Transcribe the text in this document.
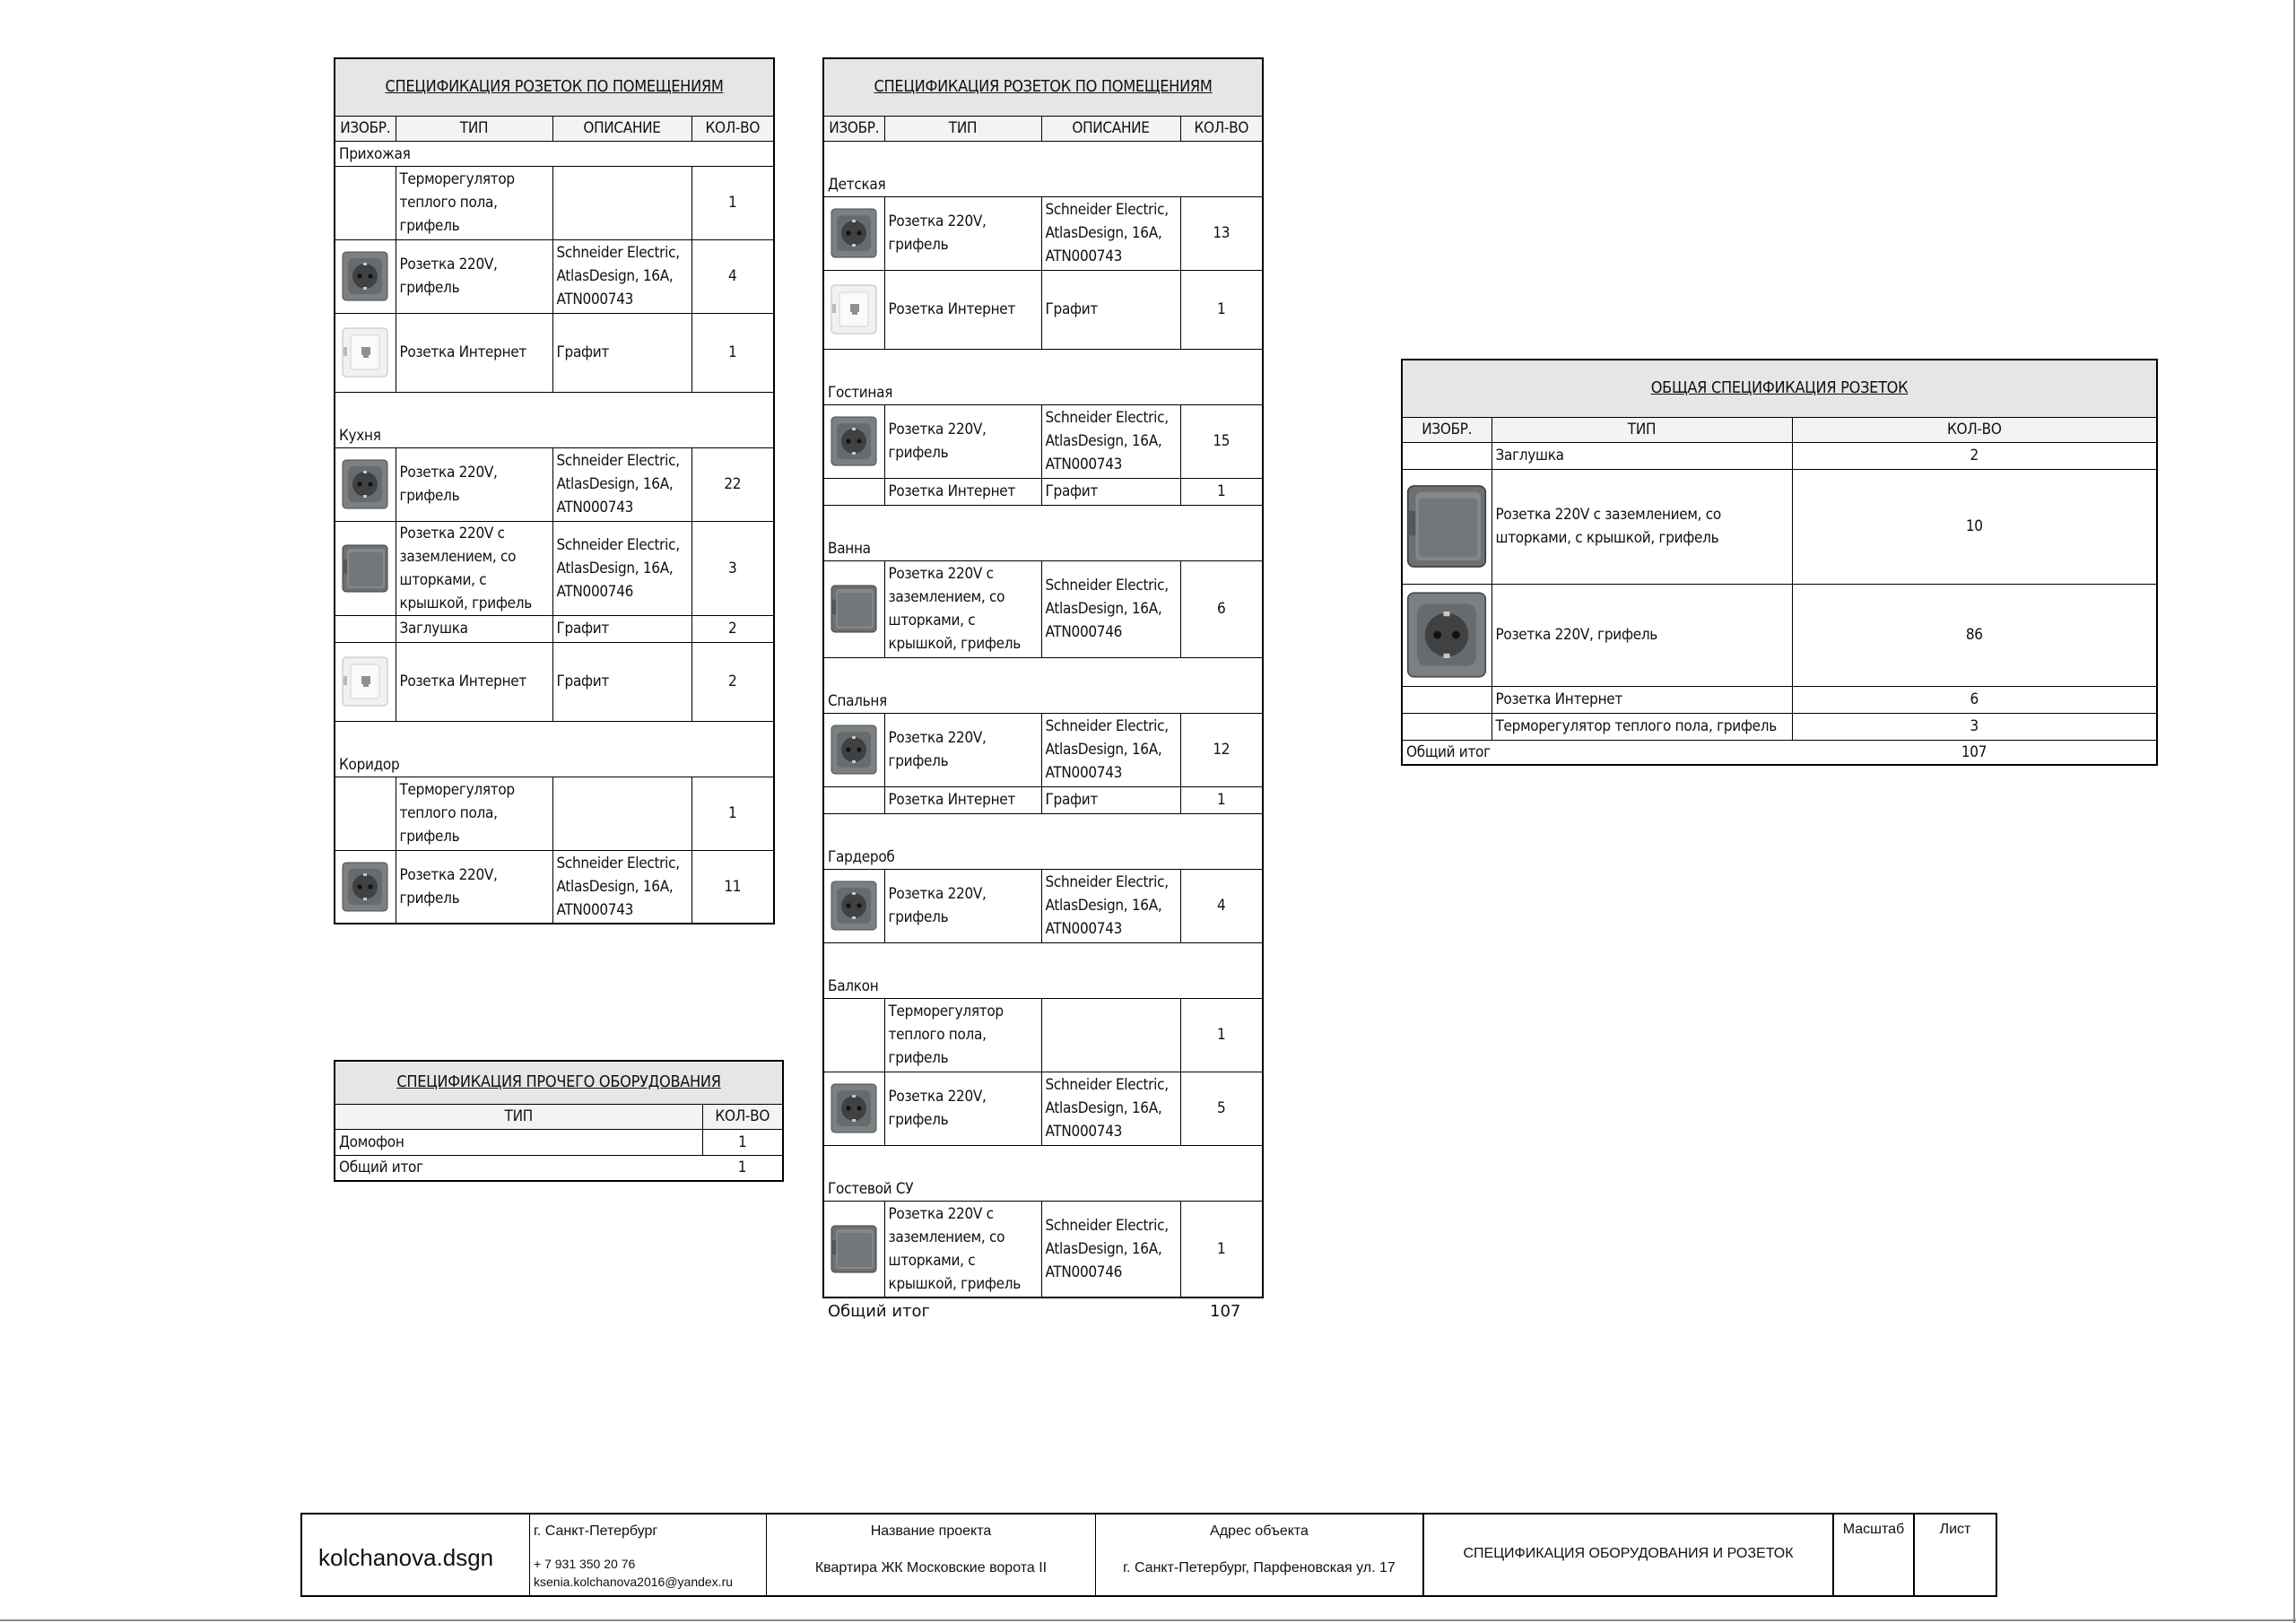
СПЕЦИФИКАЦИЯ РОЗЕТОК ПО ПОМЕЩЕНИЯМ			
ИЗОБР.	ТИП	ОПИСАНИЕ	КОЛ-ВО
Прихожая			
	Терморегулятор теплого пола, грифель		1
	Розетка 220V, грифель	Schneider Electric, AtlasDesign, 16A, ATN000743	4
	Розетка Интернет	Графит	1
Кухня			
	Розетка 220V, грифель	Schneider Electric, AtlasDesign, 16A, ATN000743	22
	Розетка 220V с заземлением, со шторками, с крышкой, грифель	Schneider Electric, AtlasDesign, 16A, ATN000746	3
	Заглушка	Графит	2
	Розетка Интернет	Графит	2
Коридор			
	Терморегулятор теплого пола, грифель		1
	Розетка 220V, грифель	Schneider Electric, AtlasDesign, 16A, ATN000743	11
СПЕЦИФИКАЦИЯ РОЗЕТОК ПО ПОМЕЩЕНИЯМ			
ИЗОБР.	ТИП	ОПИСАНИЕ	КОЛ-ВО
Детская			
	Розетка 220V, грифель	Schneider Electric, AtlasDesign, 16A, ATN000743	13
	Розетка Интернет	Графит	1
Гостиная			
	Розетка 220V, грифель	Schneider Electric, AtlasDesign, 16A, ATN000743	15
	Розетка Интернет	Графит	1
Ванна			
	Розетка 220V с заземлением, со шторками, с крышкой, грифель	Schneider Electric, AtlasDesign, 16A, ATN000746	6
Спальня			
	Розетка 220V, грифель	Schneider Electric, AtlasDesign, 16A, ATN000743	12
	Розетка Интернет	Графит	1
Гардероб			
	Розетка 220V, грифель	Schneider Electric, AtlasDesign, 16A, ATN000743	4
Балкон			
	Терморегулятор теплого пола, грифель		1
	Розетка 220V, грифель	Schneider Electric, AtlasDesign, 16A, ATN000743	5
Гостевой СУ			
	Розетка 220V с заземлением, со шторками, с крышкой, грифель	Schneider Electric, AtlasDesign, 16A, ATN000746	1
Общий итог	107
СПЕЦИФИКАЦИЯ ПРОЧЕГО ОБОРУДОВАНИЯ	
ТИП	КОЛ-ВО
Домофон	1
Общий итог	1
ОБЩАЯ СПЕЦИФИКАЦИЯ РОЗЕТОК		
ИЗОБР.	ТИП	КОЛ-ВО
	Заглушка	2
	Розетка 220V с заземлением, со шторками, с крышкой, грифель	10
	Розетка 220V, грифель	86
	Розетка Интернет	6
	Терморегулятор теплого пола, грифель	3
Общий итог		107
kolchanova.dsgn
г. Санкт-Петербург
+ 7 931 350 20 76
ksenia.kolchanova2016@yandex.ru
Название проекта
Квартира ЖК Московские ворота II
Адрес объекта
г. Санкт-Петербург, Парфеновская ул. 17
СПЕЦИФИКАЦИЯ ОБОРУДОВАНИЯ И РОЗЕТОК
Масштаб	Лист
